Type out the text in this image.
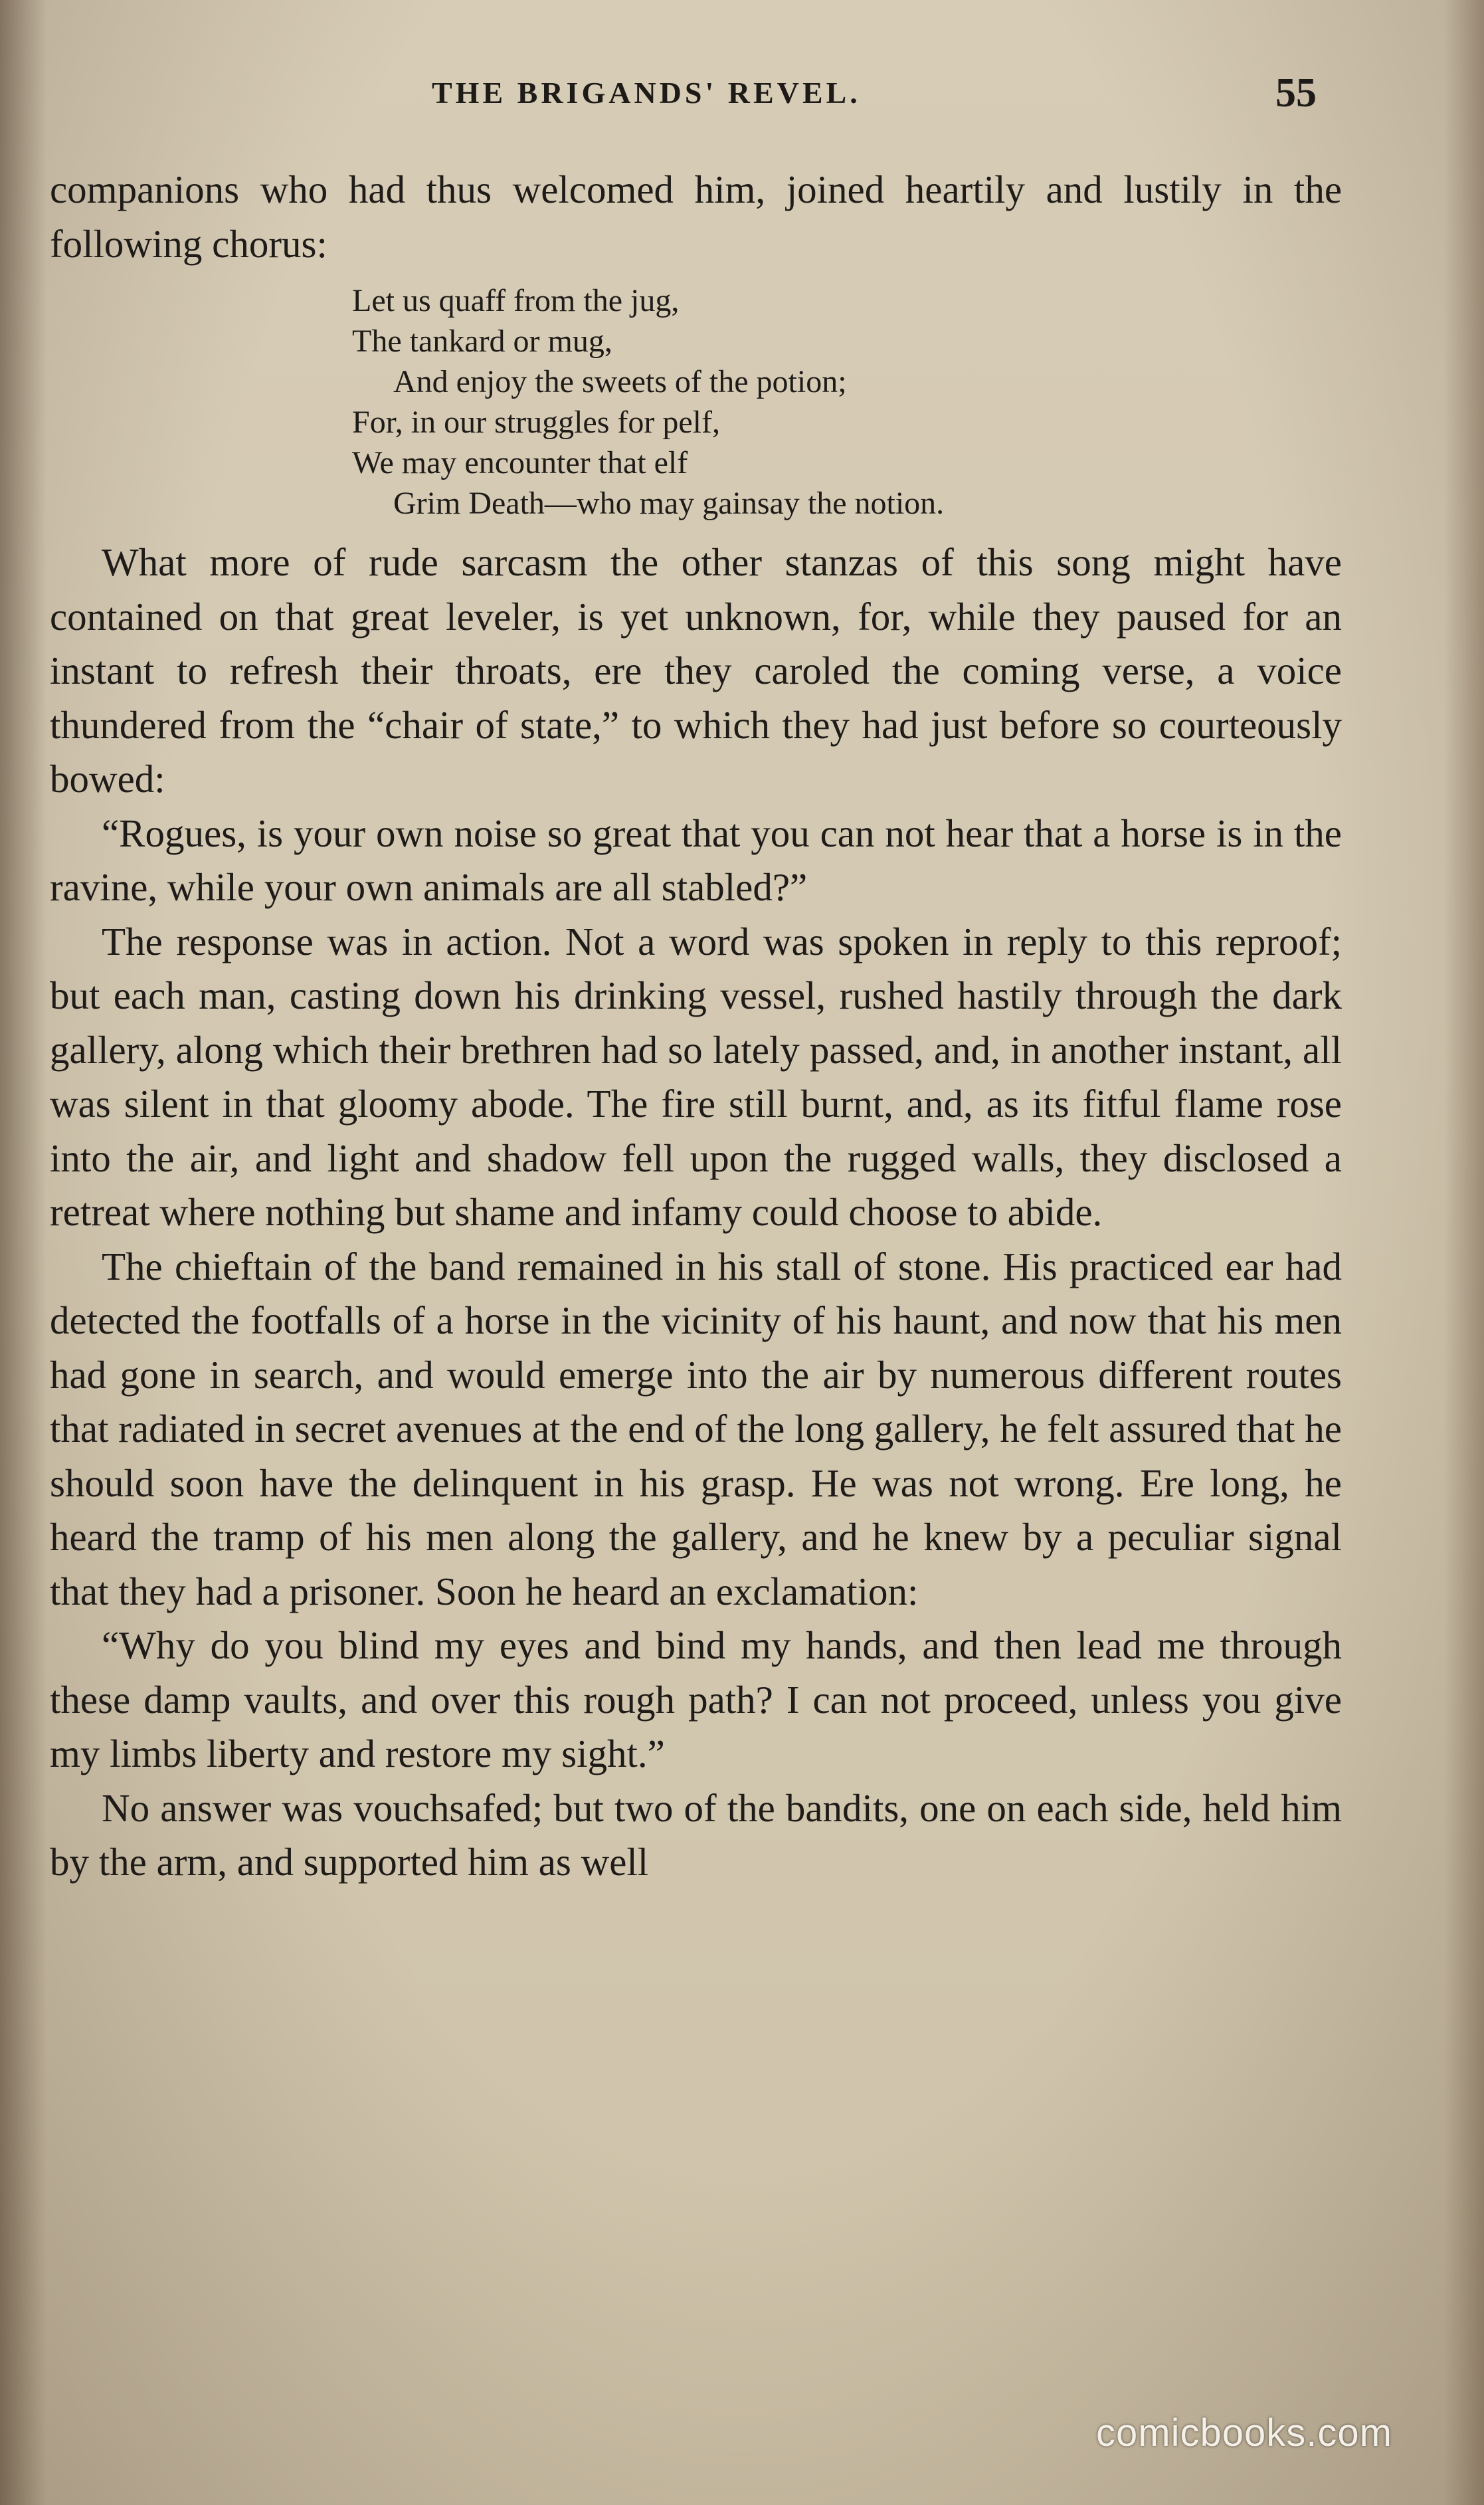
THE BRIGANDS' REVEL.	55

companions who had thus welcomed him, joined heartily and lustily in the following chorus:

Let us quaff from the jug,
The tankard or mug,
And enjoy the sweets of the potion;
For, in our struggles for pelf,
We may encounter that elf
Grim Death—who may gainsay the notion.

What more of rude sarcasm the other stanzas of this song might have contained on that great leveler, is yet unknown, for, while they paused for an instant to refresh their throats, ere they caroled the coming verse, a voice thundered from the “chair of state,” to which they had just before so courteously bowed:

“Rogues, is your own noise so great that you can not hear that a horse is in the ravine, while your own animals are all stabled?”

The response was in action. Not a word was spoken in reply to this reproof; but each man, casting down his drinking vessel, rushed hastily through the dark gallery, along which their brethren had so lately passed, and, in another instant, all was silent in that gloomy abode. The fire still burnt, and, as its fitful flame rose into the air, and light and shadow fell upon the rugged walls, they disclosed a retreat where nothing but shame and infamy could choose to abide.

The chieftain of the band remained in his stall of stone. His practiced ear had detected the footfalls of a horse in the vicinity of his haunt, and now that his men had gone in search, and would emerge into the air by numerous different routes that radiated in secret avenues at the end of the long gallery, he felt assured that he should soon have the delinquent in his grasp. He was not wrong. Ere long, he heard the tramp of his men along the gallery, and he knew by a peculiar signal that they had a prisoner. Soon he heard an exclamation:

“Why do you blind my eyes and bind my hands, and then lead me through these damp vaults, and over this rough path? I can not proceed, unless you give my limbs liberty and restore my sight.”

No answer was vouchsafed; but two of the bandits, one on each side, held him by the arm, and supported him as well

comicbooks.com
